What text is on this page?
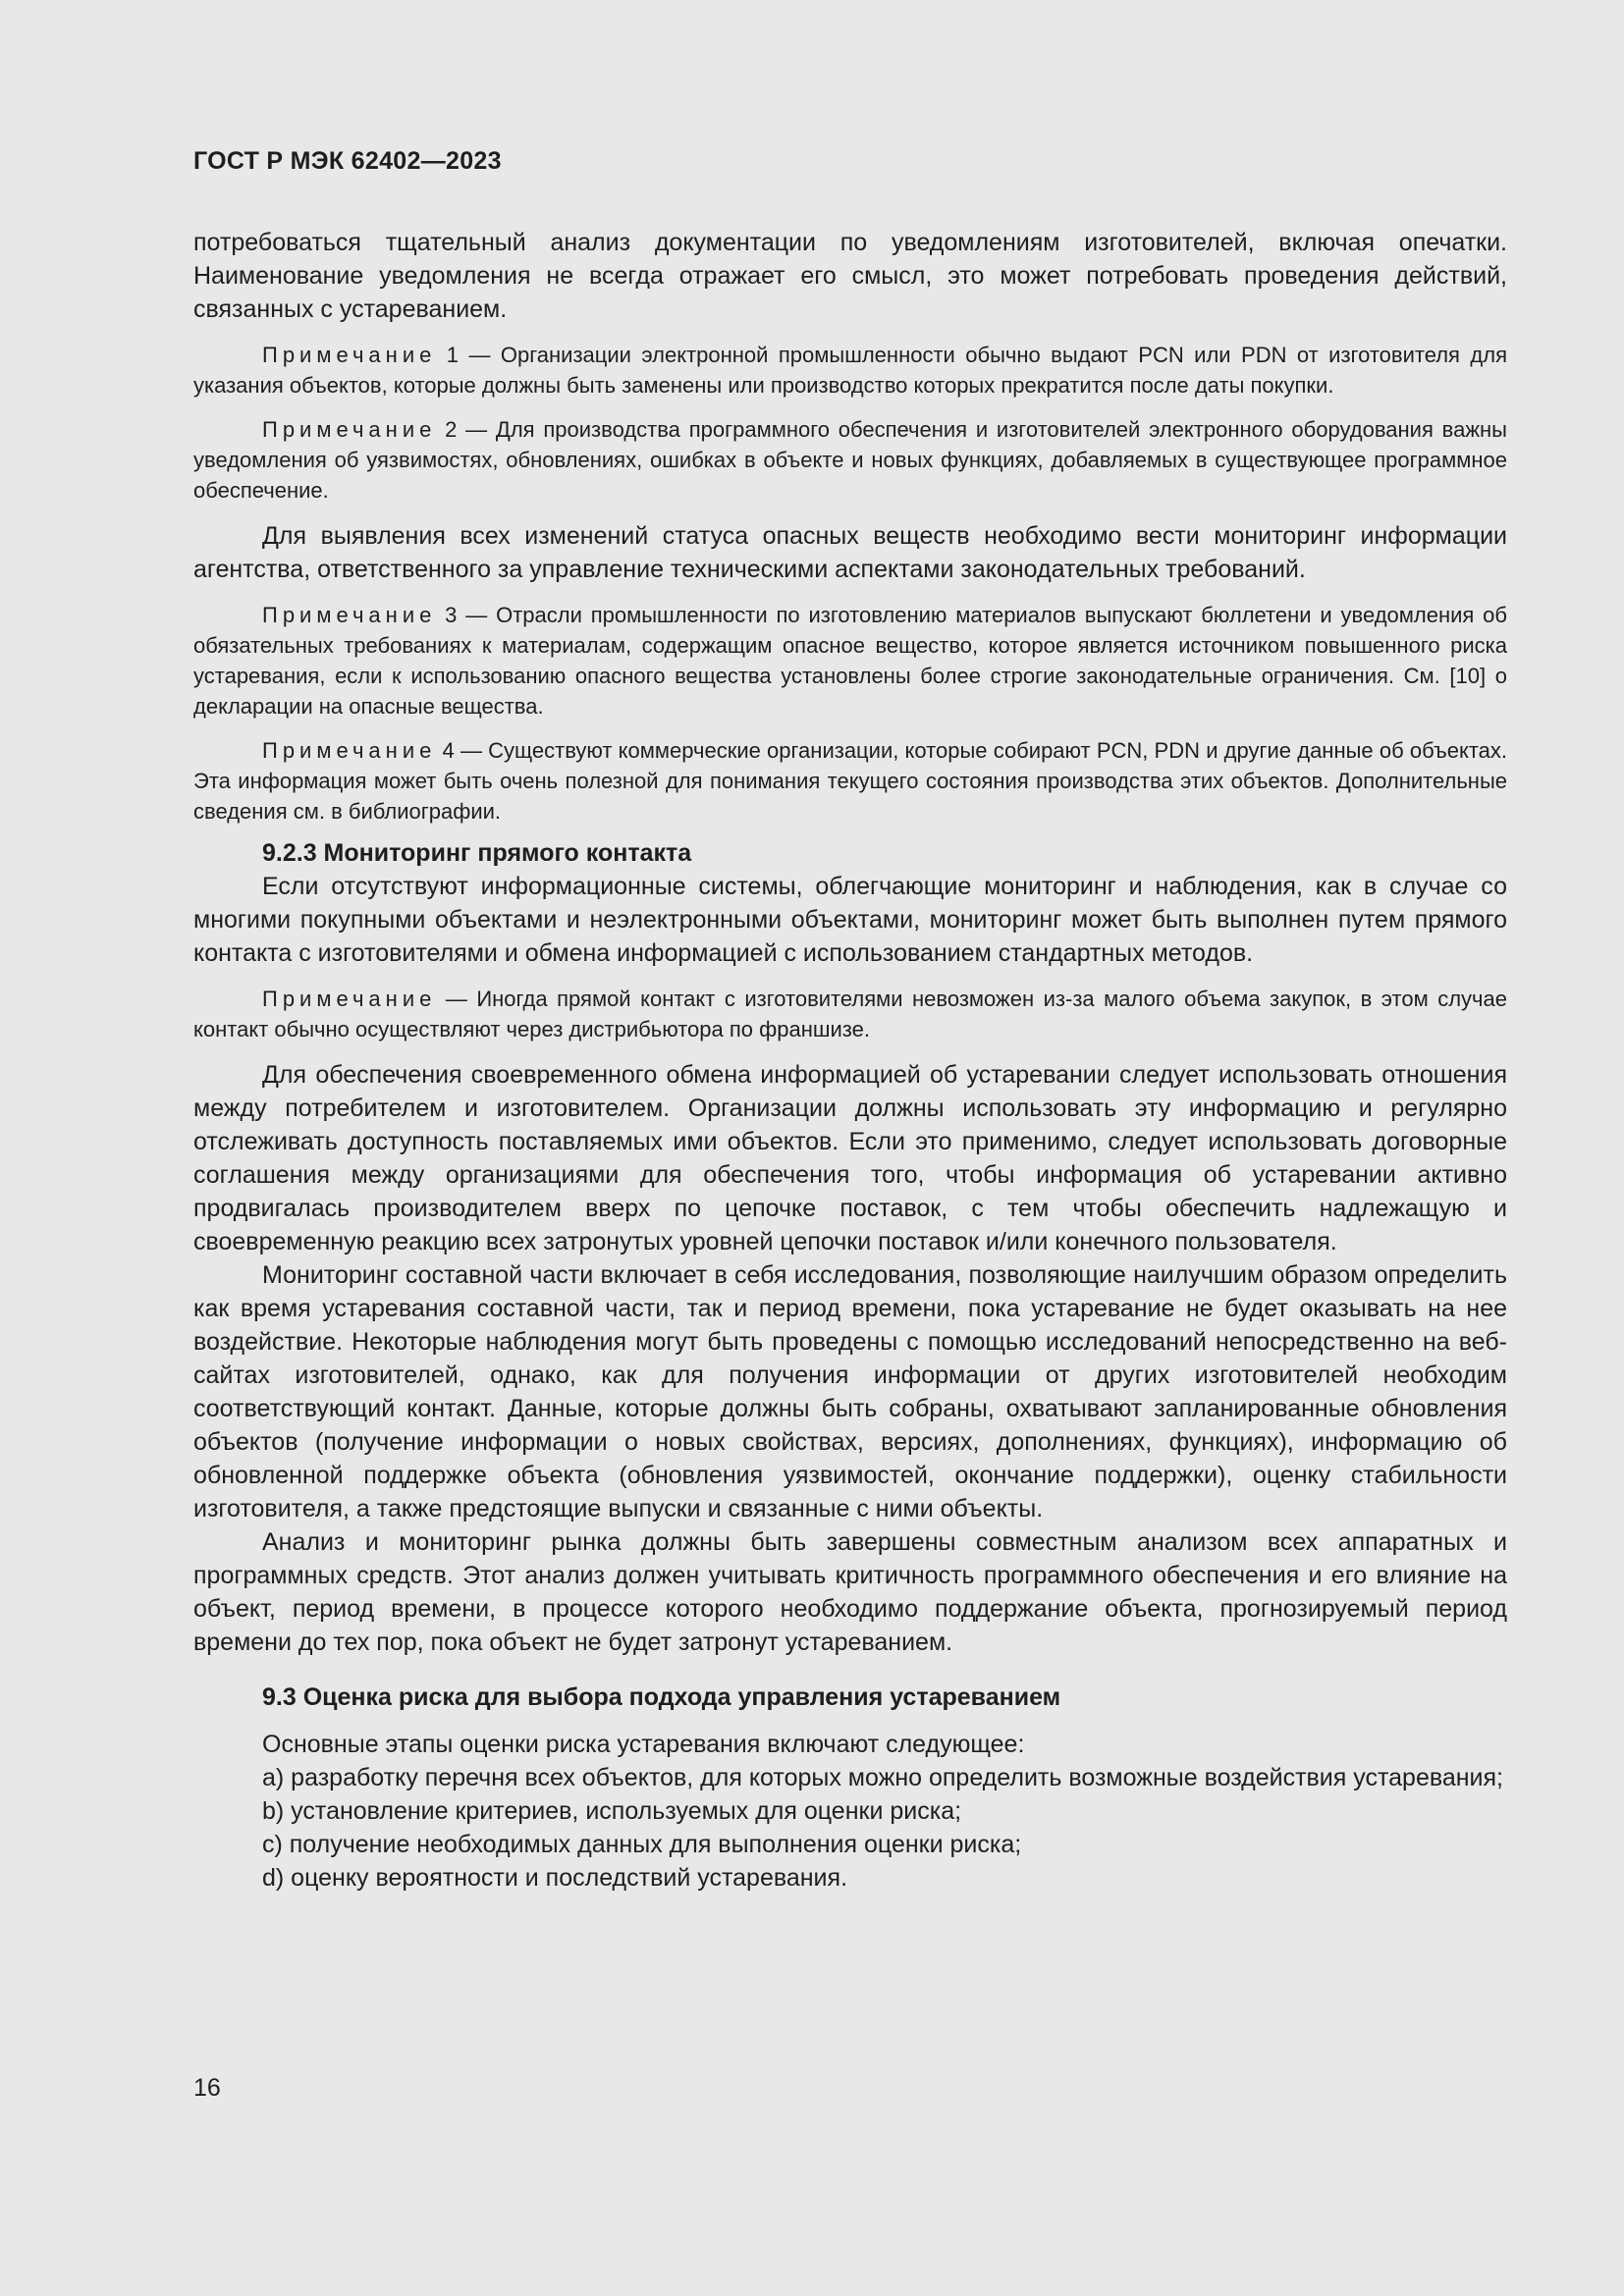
ГОСТ Р МЭК 62402—2023

потребоваться тщательный анализ документации по уведомлениям изготовителей, включая опечатки. Наименование уведомления не всегда отражает его смысл, это может потребовать проведения действий, связанных с устареванием.

Примечание 1 — Организации электронной промышленности обычно выдают PCN или PDN от изготовителя для указания объектов, которые должны быть заменены или производство которых прекратится после даты покупки.

Примечание 2 — Для производства программного обеспечения и изготовителей электронного оборудования важны уведомления об уязвимостях, обновлениях, ошибках в объекте и новых функциях, добавляемых в существующее программное обеспечение.

Для выявления всех изменений статуса опасных веществ необходимо вести мониторинг информации агентства, ответственного за управление техническими аспектами законодательных требований.

Примечание 3 — Отрасли промышленности по изготовлению материалов выпускают бюллетени и уведомления об обязательных требованиях к материалам, содержащим опасное вещество, которое является источником повышенного риска устаревания, если к использованию опасного вещества установлены более строгие законодательные ограничения. См. [10] о декларации на опасные вещества.

Примечание 4 — Существуют коммерческие организации, которые собирают PCN, PDN и другие данные об объектах. Эта информация может быть очень полезной для понимания текущего состояния производства этих объектов. Дополнительные сведения см. в библиографии.

9.2.3 Мониторинг прямого контакта

Если отсутствуют информационные системы, облегчающие мониторинг и наблюдения, как в случае со многими покупными объектами и неэлектронными объектами, мониторинг может быть выполнен путем прямого контакта с изготовителями и обмена информацией с использованием стандартных методов.

Примечание — Иногда прямой контакт с изготовителями невозможен из-за малого объема закупок, в этом случае контакт обычно осуществляют через дистрибьютора по франшизе.

Для обеспечения своевременного обмена информацией об устаревании следует использовать отношения между потребителем и изготовителем. Организации должны использовать эту информацию и регулярно отслеживать доступность поставляемых ими объектов. Если это применимо, следует использовать договорные соглашения между организациями для обеспечения того, чтобы информация об устаревании активно продвигалась производителем вверх по цепочке поставок, с тем чтобы обеспечить надлежащую и своевременную реакцию всех затронутых уровней цепочки поставок и/или конечного пользователя.

Мониторинг составной части включает в себя исследования, позволяющие наилучшим образом определить как время устаревания составной части, так и период времени, пока устаревание не будет оказывать на нее воздействие. Некоторые наблюдения могут быть проведены с помощью исследований непосредственно на веб-сайтах изготовителей, однако, как для получения информации от других изготовителей необходим соответствующий контакт. Данные, которые должны быть собраны, охватывают запланированные обновления объектов (получение информации о новых свойствах, версиях, дополнениях, функциях), информацию об обновленной поддержке объекта (обновления уязвимостей, окончание поддержки), оценку стабильности изготовителя, а также предстоящие выпуски и связанные с ними объекты.

Анализ и мониторинг рынка должны быть завершены совместным анализом всех аппаратных и программных средств. Этот анализ должен учитывать критичность программного обеспечения и его влияние на объект, период времени, в процессе которого необходимо поддержание объекта, прогнозируемый период времени до тех пор, пока объект не будет затронут устареванием.

9.3 Оценка риска для выбора подхода управления устареванием

Основные этапы оценки риска устаревания включают следующее:

a) разработку перечня всех объектов, для которых можно определить возможные воздействия устаревания;

b) установление критериев, используемых для оценки риска;

c) получение необходимых данных для выполнения оценки риска;

d) оценку вероятности и последствий устаревания.

16
